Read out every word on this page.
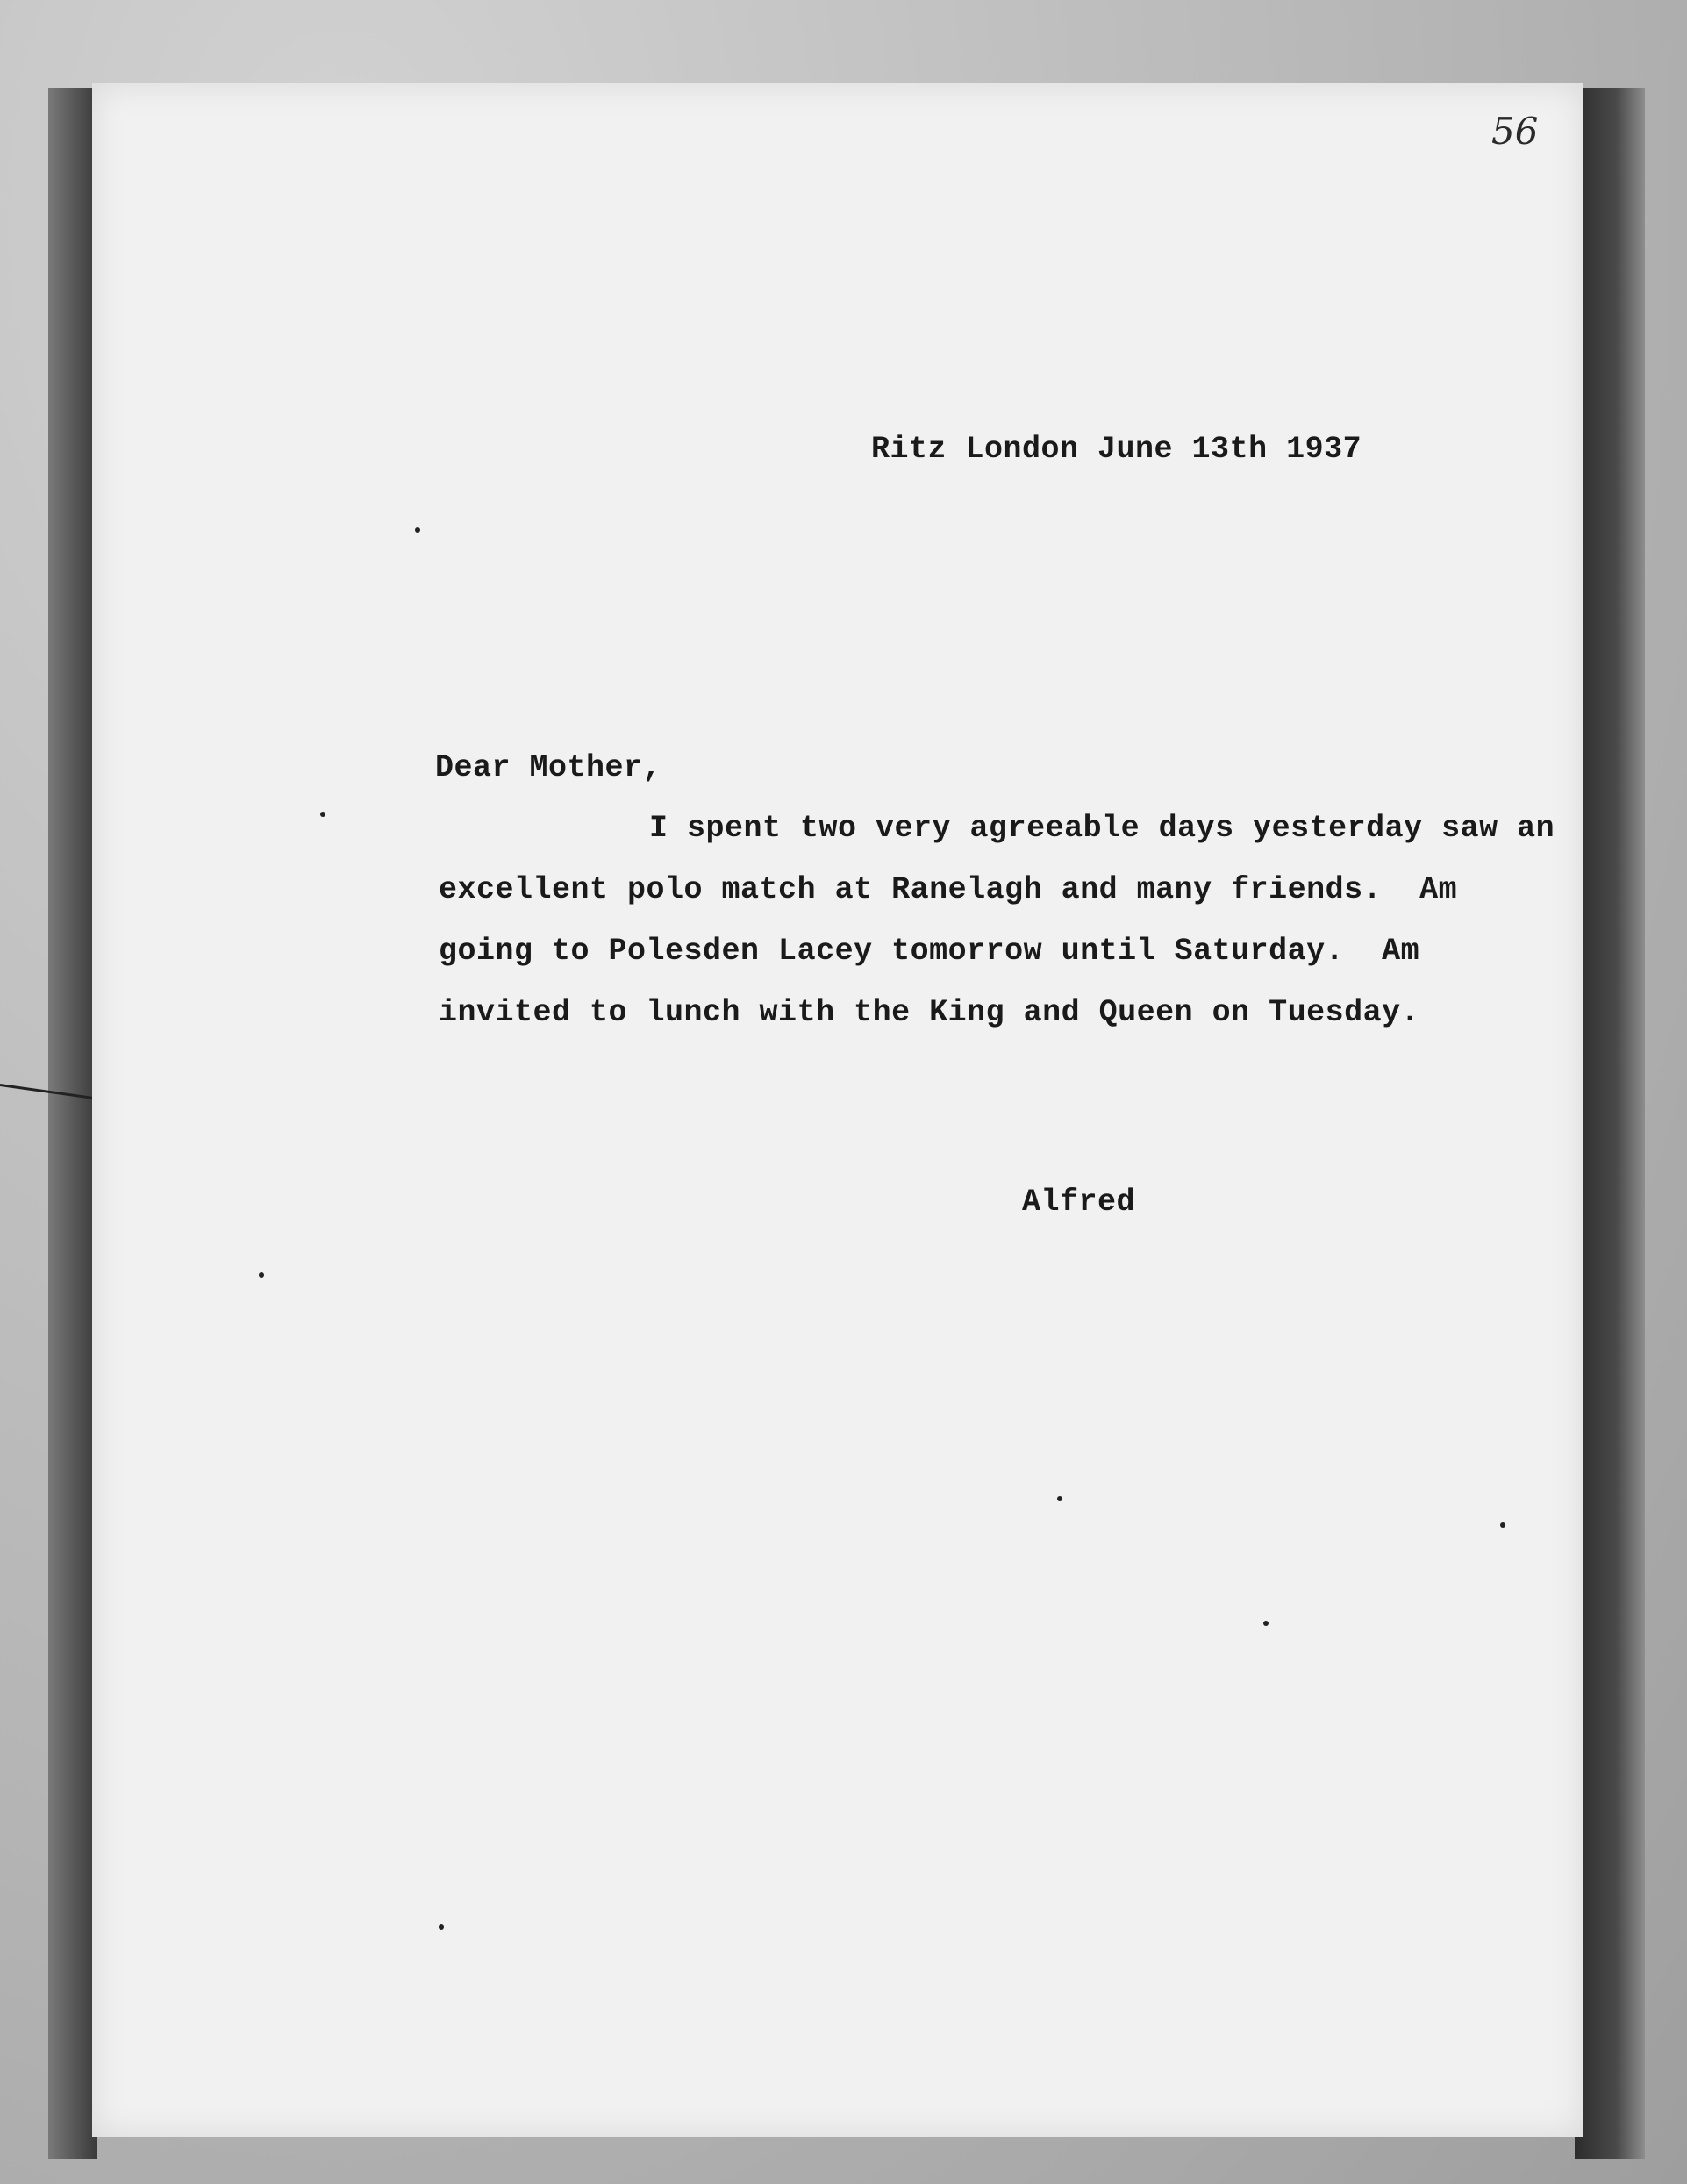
56
Ritz London June 13th 1937
Dear Mother,
I spent two very agreeable days yesterday saw an
excellent polo match at Ranelagh and many friends.  Am
going to Polesden Lacey tomorrow until Saturday.  Am
invited to lunch with the King and Queen on Tuesday.
Alfred
